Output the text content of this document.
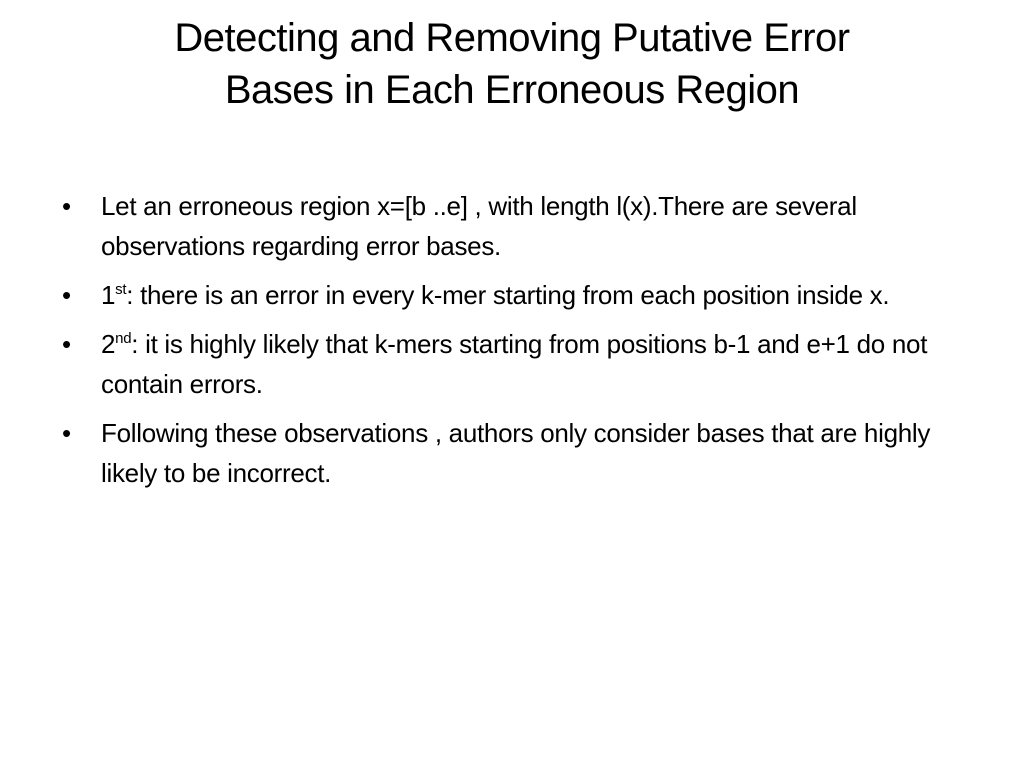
Detecting and Removing Putative Error
Bases in Each Erroneous Region
•	Let an erroneous region x=[b ..e] , with length l(x).There are several observations regarding error bases.
•	1st: there is an error in every k-mer starting from each position inside x.
•	2nd: it is highly likely that k-mers starting from positions b-1 and e+1 do not contain errors.
•	Following these observations , authors only consider bases that are highly likely to be incorrect.
